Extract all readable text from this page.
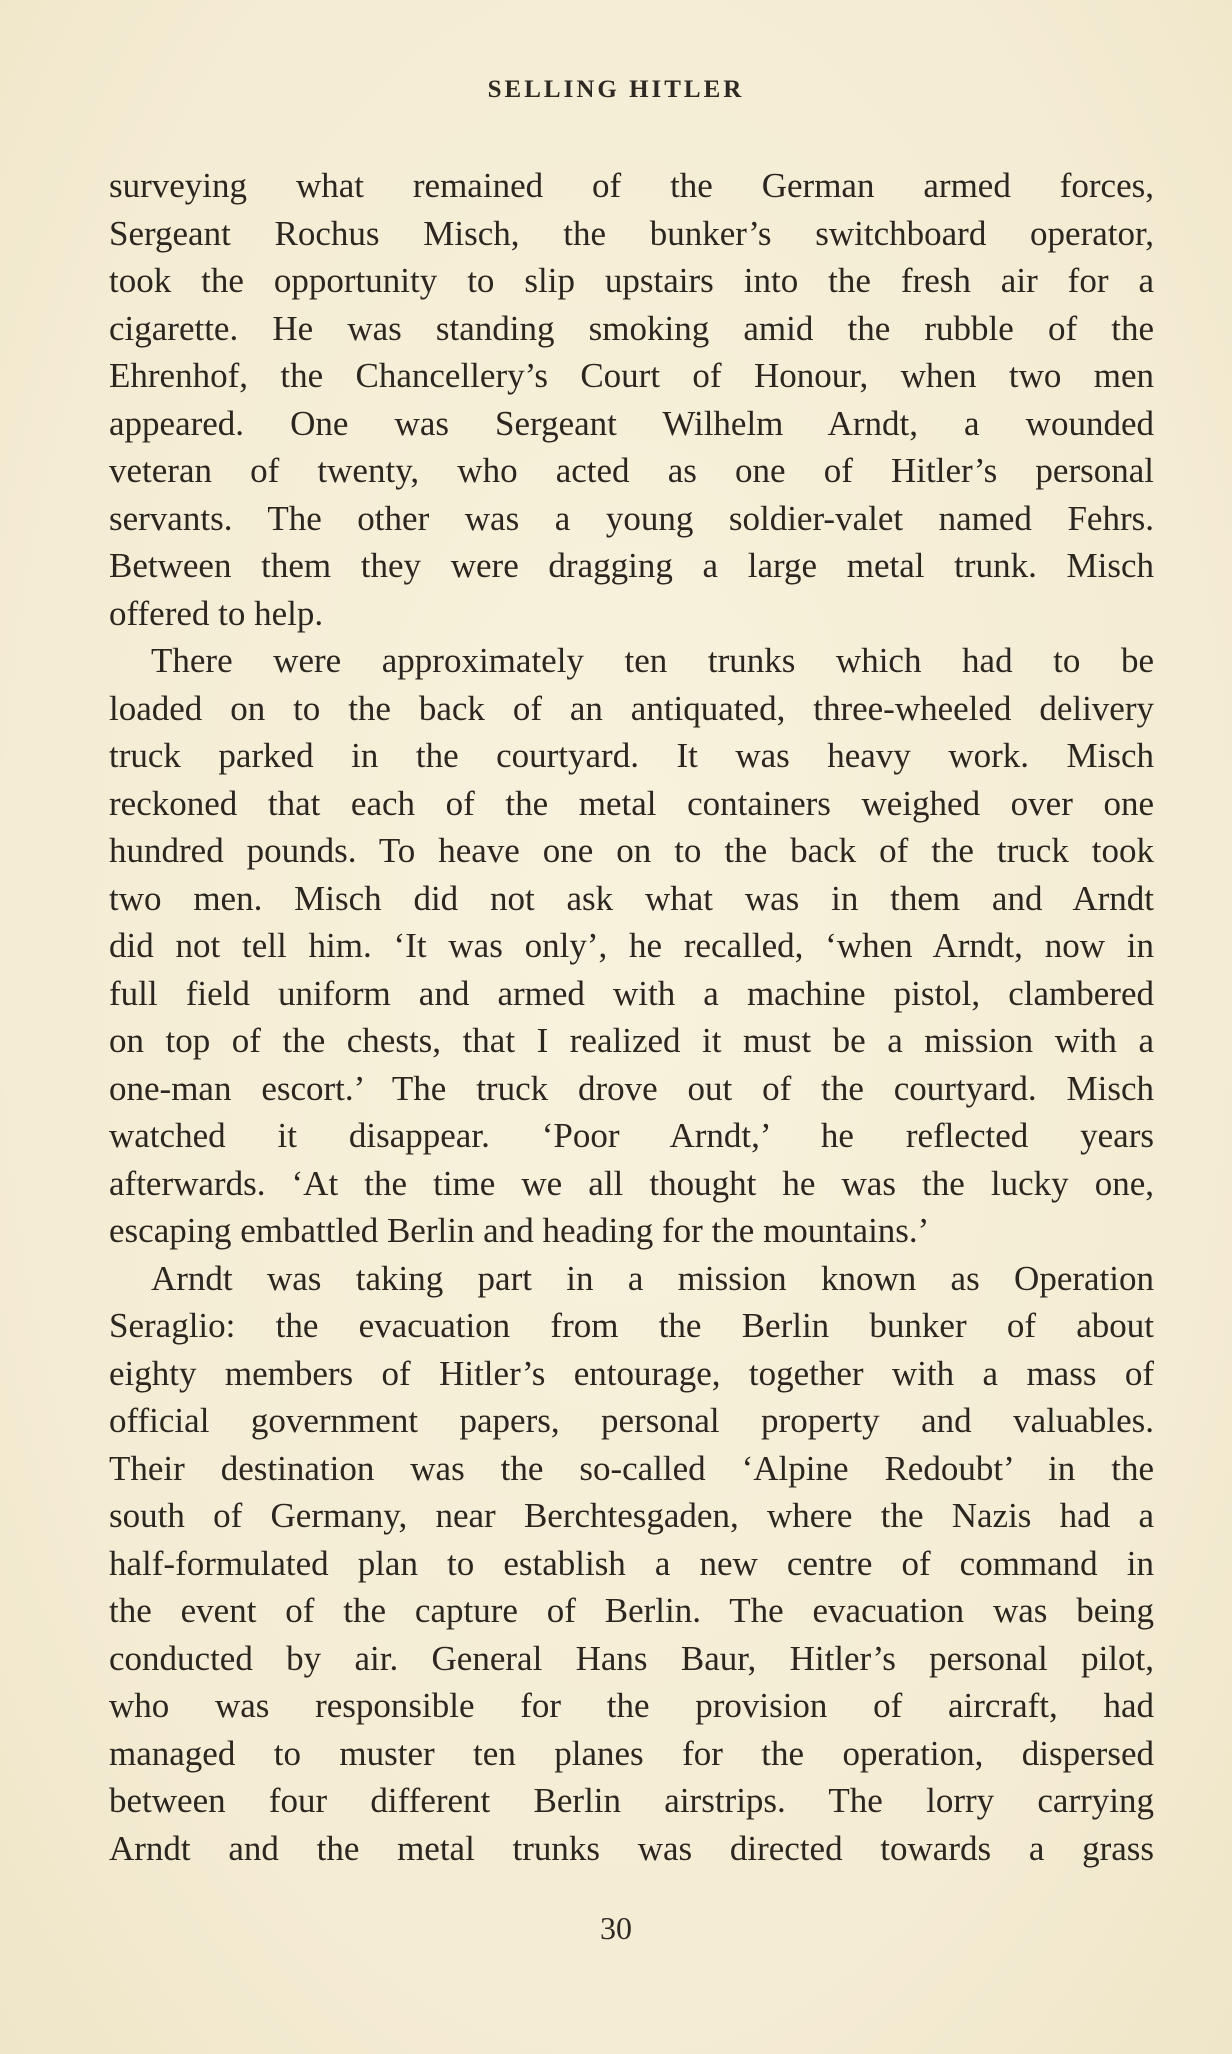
SELLING HITLER
surveying what remained of the German armed forces,
Sergeant Rochus Misch, the bunker’s switchboard operator,
took the opportunity to slip upstairs into the fresh air for a
cigarette. He was standing smoking amid the rubble of the
Ehrenhof, the Chancellery’s Court of Honour, when two men
appeared. One was Sergeant Wilhelm Arndt, a wounded
veteran of twenty, who acted as one of Hitler’s personal
servants. The other was a young soldier-valet named Fehrs.
Between them they were dragging a large metal trunk. Misch
offered to help.
There were approximately ten trunks which had to be
loaded on to the back of an antiquated, three-wheeled delivery
truck parked in the courtyard. It was heavy work. Misch
reckoned that each of the metal containers weighed over one
hundred pounds. To heave one on to the back of the truck took
two men. Misch did not ask what was in them and Arndt
did not tell him. ‘It was only’, he recalled, ‘when Arndt, now in
full field uniform and armed with a machine pistol, clambered
on top of the chests, that I realized it must be a mission with a
one-man escort.’ The truck drove out of the courtyard. Misch
watched it disappear. ‘Poor Arndt,’ he reflected years
afterwards. ‘At the time we all thought he was the lucky one,
escaping embattled Berlin and heading for the mountains.’
Arndt was taking part in a mission known as Operation
Seraglio: the evacuation from the Berlin bunker of about
eighty members of Hitler’s entourage, together with a mass of
official government papers, personal property and valuables.
Their destination was the so-called ‘Alpine Redoubt’ in the
south of Germany, near Berchtesgaden, where the Nazis had a
half-formulated plan to establish a new centre of command in
the event of the capture of Berlin. The evacuation was being
conducted by air. General Hans Baur, Hitler’s personal pilot,
who was responsible for the provision of aircraft, had
managed to muster ten planes for the operation, dispersed
between four different Berlin airstrips. The lorry carrying
Arndt and the metal trunks was directed towards a grass
30
